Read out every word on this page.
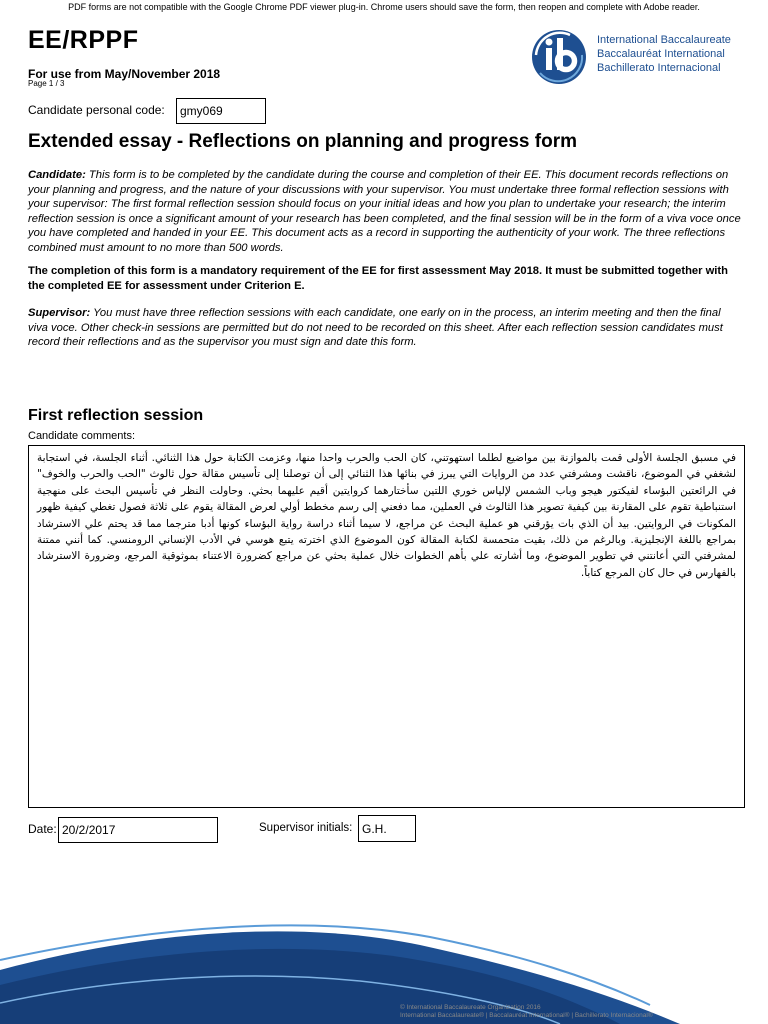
PDF forms are not compatible with the Google Chrome PDF viewer plug-in. Chrome users should save the form, then reopen and complete with Adobe reader.
EE/RPPF
For use from May/November 2018
Page 1 / 3
International Baccalaureate
Baccalauréat International
Bachillerato Internacional
Candidate personal code:	gmy069
Extended essay - Reflections on planning and progress form
Candidate: This form is to be completed by the candidate during the course and completion of their EE. This document records reflections on your planning and progress, and the nature of your discussions with your supervisor. You must undertake three formal reflection sessions with your supervisor: The first formal reflection session should focus on your initial ideas and how you plan to undertake your research; the interim reflection session is once a significant amount of your research has been completed, and the final session will be in the form of a viva voce once you have completed and handed in your EE. This document acts as a record in supporting the authenticity of your work. The three reflections combined must amount to no more than 500 words.
The completion of this form is a mandatory requirement of the EE for first assessment May 2018. It must be submitted together with the completed EE for assessment under Criterion E.
Supervisor: You must have three reflection sessions with each candidate, one early on in the process, an interim meeting and then the final viva voce. Other check-in sessions are permitted but do not need to be recorded on this sheet. After each reflection session candidates must record their reflections and as the supervisor you must sign and date this form.
First reflection session
Candidate comments:
في مسبق الجلسة الأولى قمت بالموازنة بين مواضيع لطلما استهوتني، كان الحب والحرب واحدا منها، وعزمت الكتابة حول هذا الثنائي. أثناء الجلسة، في استجابة لشغفي في الموضوع، ناقشت ومشرفتي عدد من الروايات التي يبرز في بنائها هذا الثنائي إلى أن توصلنا إلى تأسيس مقالة حول ثالوث "الحب والحرب والخوف" في الرائعتين البؤساء لفيكتور هيجو وباب الشمس لإلياس خوري اللتين سأختارهما كروايتين أقيم عليهما بحثي. وحاولت النظر في تأسيس البحث على منهجية استنباطية تقوم على المقارنة بين كيفية تصوير هذا الثالوث في العملين، مما دفعني إلى رسم مخطط أولي لعرض المقالة يقوم على ثلاثة فصول تغطي كيفية ظهور المكونات في الروايتين. بيد أن الذي بات يؤرقني هو عملية البحث عن مراجع، لا سيما أثناء دراسة رواية البؤساء كونها أدبا مترجما مما قد يحتم علي الاسترشاد بمراجع باللغة الإنجليزية. وبالرغم من ذلك، بقيت متحمسة لكتابة المقالة كون الموضوع الذي اخترته يتبع هوسي في الأدب الإنساني الرومنسي. كما أنني ممتنة لمشرفتي التي أعانتني في تطوير الموضوع، وما أشارته علي بأهم الخطوات خلال عملية بحثي عن مراجع كضرورة الاعتناء بموثوقية المرجع، وضرورة الاسترشاد بالفهارس في حال كان المرجع كتاباً.
Date: 20/2/2017	Supervisor initials: G.H.
© International Baccalaureate Organization 2016
International Baccalaureate® | Baccalauréat International® | Bachillerato Internacional®
